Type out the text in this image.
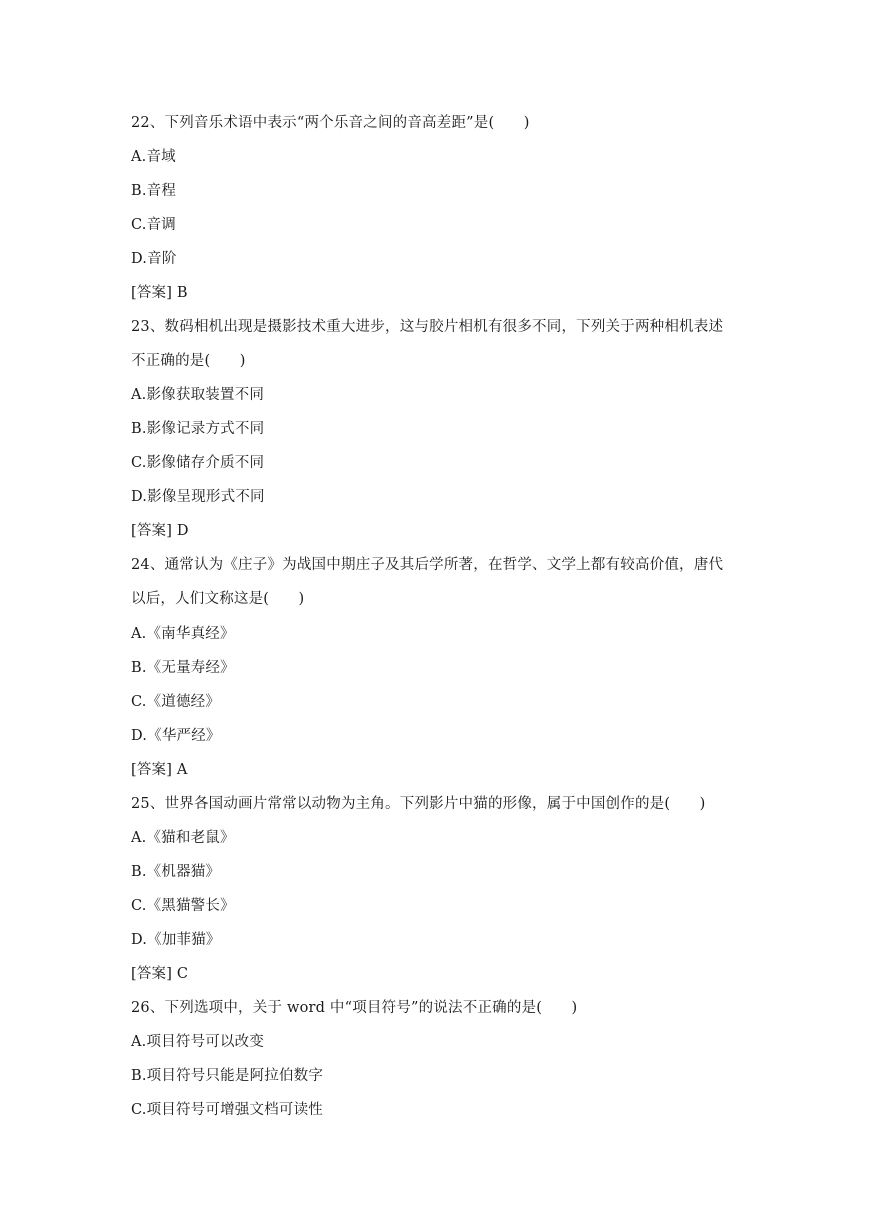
22、下列音乐术语中表示“两个乐音之间的音高差距”是(　　)
A.音域
B.音程
C.音调
D.音阶
[答案] B
23、数码相机出现是摄影技术重大进步，这与胶片相机有很多不同，下列关于两种相机表述
不正确的是(　　)
A.影像获取装置不同
B.影像记录方式不同
C.影像储存介质不同
D.影像呈现形式不同
[答案] D
24、通常认为《庄子》为战国中期庄子及其后学所著，在哲学、文学上都有较高价值，唐代
以后，人们文称这是(　　)
A.《南华真经》
B.《无量寿经》
C.《道德经》
D.《华严经》
[答案] A
25、世界各国动画片常常以动物为主角。下列影片中猫的形像，属于中国创作的是(　　)
A.《猫和老鼠》
B.《机器猫》
C.《黑猫警长》
D.《加菲猫》
[答案] C
26、下列选项中，关于 word 中“项目符号”的说法不正确的是(　　)
A.项目符号可以改变
B.项目符号只能是阿拉伯数字
C.项目符号可增强文档可读性
